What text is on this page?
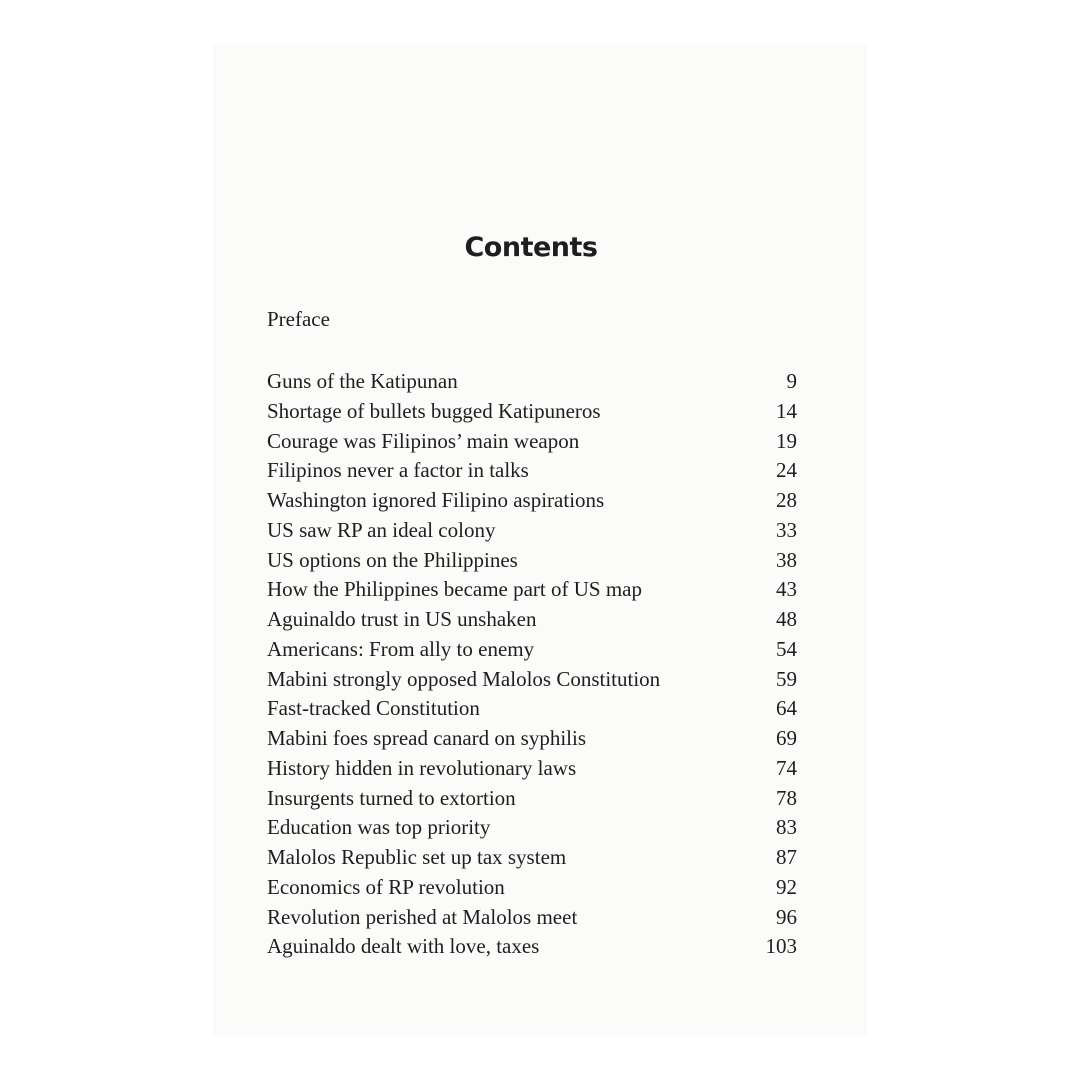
Contents
Preface
Guns of the Katipunan	9
Shortage of bullets bugged Katipuneros	14
Courage was Filipinos’ main weapon	19
Filipinos never a factor in talks	24
Washington ignored Filipino aspirations	28
US saw RP an ideal colony	33
US options on the Philippines	38
How the Philippines became part of US map	43
Aguinaldo trust in US unshaken	48
Americans: From ally to enemy	54
Mabini strongly opposed Malolos Constitution	59
Fast-tracked Constitution	64
Mabini foes spread canard on syphilis	69
History hidden in revolutionary laws	74
Insurgents turned to extortion	78
Education was top priority	83
Malolos Republic set up tax system	87
Economics of RP revolution	92
Revolution perished at Malolos meet	96
Aguinaldo dealt with love, taxes	103
